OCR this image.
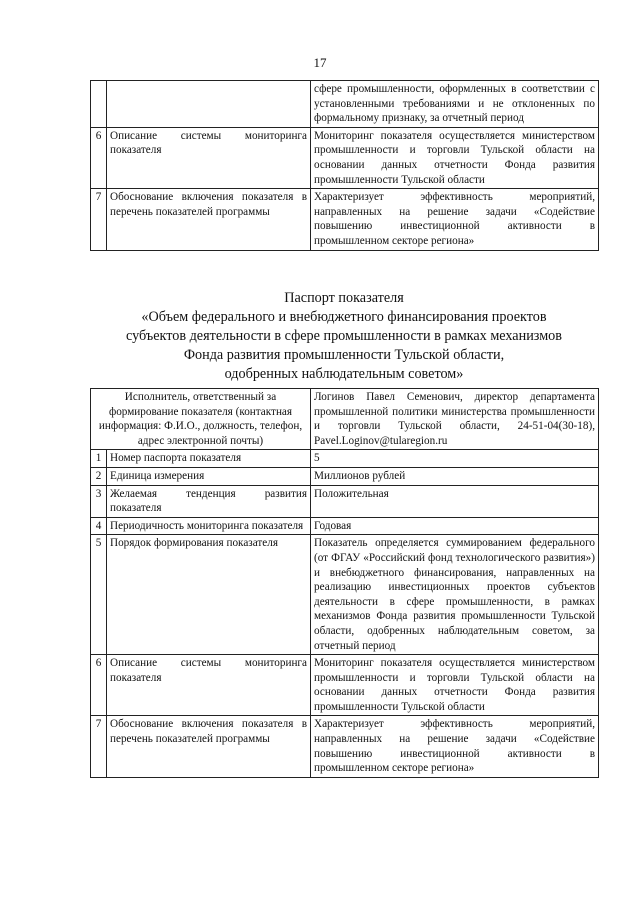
17
		сфере промышленности, оформленных в соответствии с установленными требованиями и не отклоненных по формальному признаку, за отчетный период
6	Описание системы мониторинга показателя	Мониторинг показателя осуществляется министерством промышленности и торговли Тульской области на основании данных отчетности Фонда развития промышленности Тульской области
7	Обоснование включения показателя в перечень показателей программы	Характеризует эффективность мероприятий, направленных на решение задачи «Содействие повышению инвестиционной активности в промышленном секторе региона»
Паспорт показателя
«Объем федерального и внебюджетного финансирования проектов
субъектов деятельности в сфере промышленности в рамках механизмов
Фонда развития промышленности Тульской области,
одобренных наблюдательным советом»
Исполнитель, ответственный за формирование показателя (контактная информация: Ф.И.О., должность, телефон, адрес электронной почты)		Логинов Павел Семенович, директор департамента промышленной политики министерства промышленности и торговли Тульской области, 24-51-04(30-18), Pavel.Loginov@tularegion.ru
1	Номер паспорта показателя	5
2	Единица измерения	Миллионов рублей
3	Желаемая тенденция развития показателя	Положительная
4	Периодичность мониторинга показателя	Годовая
5	Порядок формирования показателя	Показатель определяется суммированием федерального (от ФГАУ «Российский фонд технологического развития») и внебюджетного финансирования, направленных на реализацию инвестиционных проектов субъектов деятельности в сфере промышленности, в рамках механизмов Фонда развития промышленности Тульской области, одобренных наблюдательным советом, за отчетный период
6	Описание системы мониторинга показателя	Мониторинг показателя осуществляется министерством промышленности и торговли Тульской области на основании данных отчетности Фонда развития промышленности Тульской области
7	Обоснование включения показателя в перечень показателей программы	Характеризует эффективность мероприятий, направленных на решение задачи «Содействие повышению инвестиционной активности в промышленном секторе региона»
